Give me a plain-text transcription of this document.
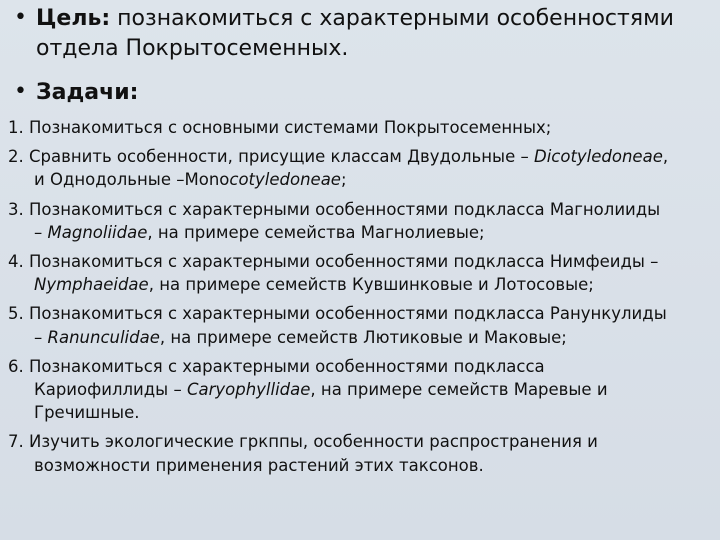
• Цель: познакомиться с характерными особенностями
отдела Покрытосеменных.
• Задачи:
1. Познакомиться с основными системами Покрытосеменных;
2. Сравнить особенности, присущие классам Двудольные – Dicotyledoneae,
и Однодольные –Monocotyledoneae;
3. Познакомиться с характерными особенностями подкласса Магнолииды
– Magnoliidae, на примере семейства Магнолиевые;
4. Познакомиться с характерными особенностями подкласса Нимфеиды –
Nymphaeidae, на примере семейств Кувшинковые и Лотосовые;
5. Познакомиться с характерными особенностями подкласса Ранункулиды
– Ranunculidae, на примере семейств Лютиковые и Маковые;
6. Познакомиться с характерными особенностями подкласса
Кариофиллиды – Caryophyllidae, на примере семейств Маревые и
Гречишные.
7. Изучить экологические гркппы, особенности распространения и
возможности применения растений этих таксонов.
